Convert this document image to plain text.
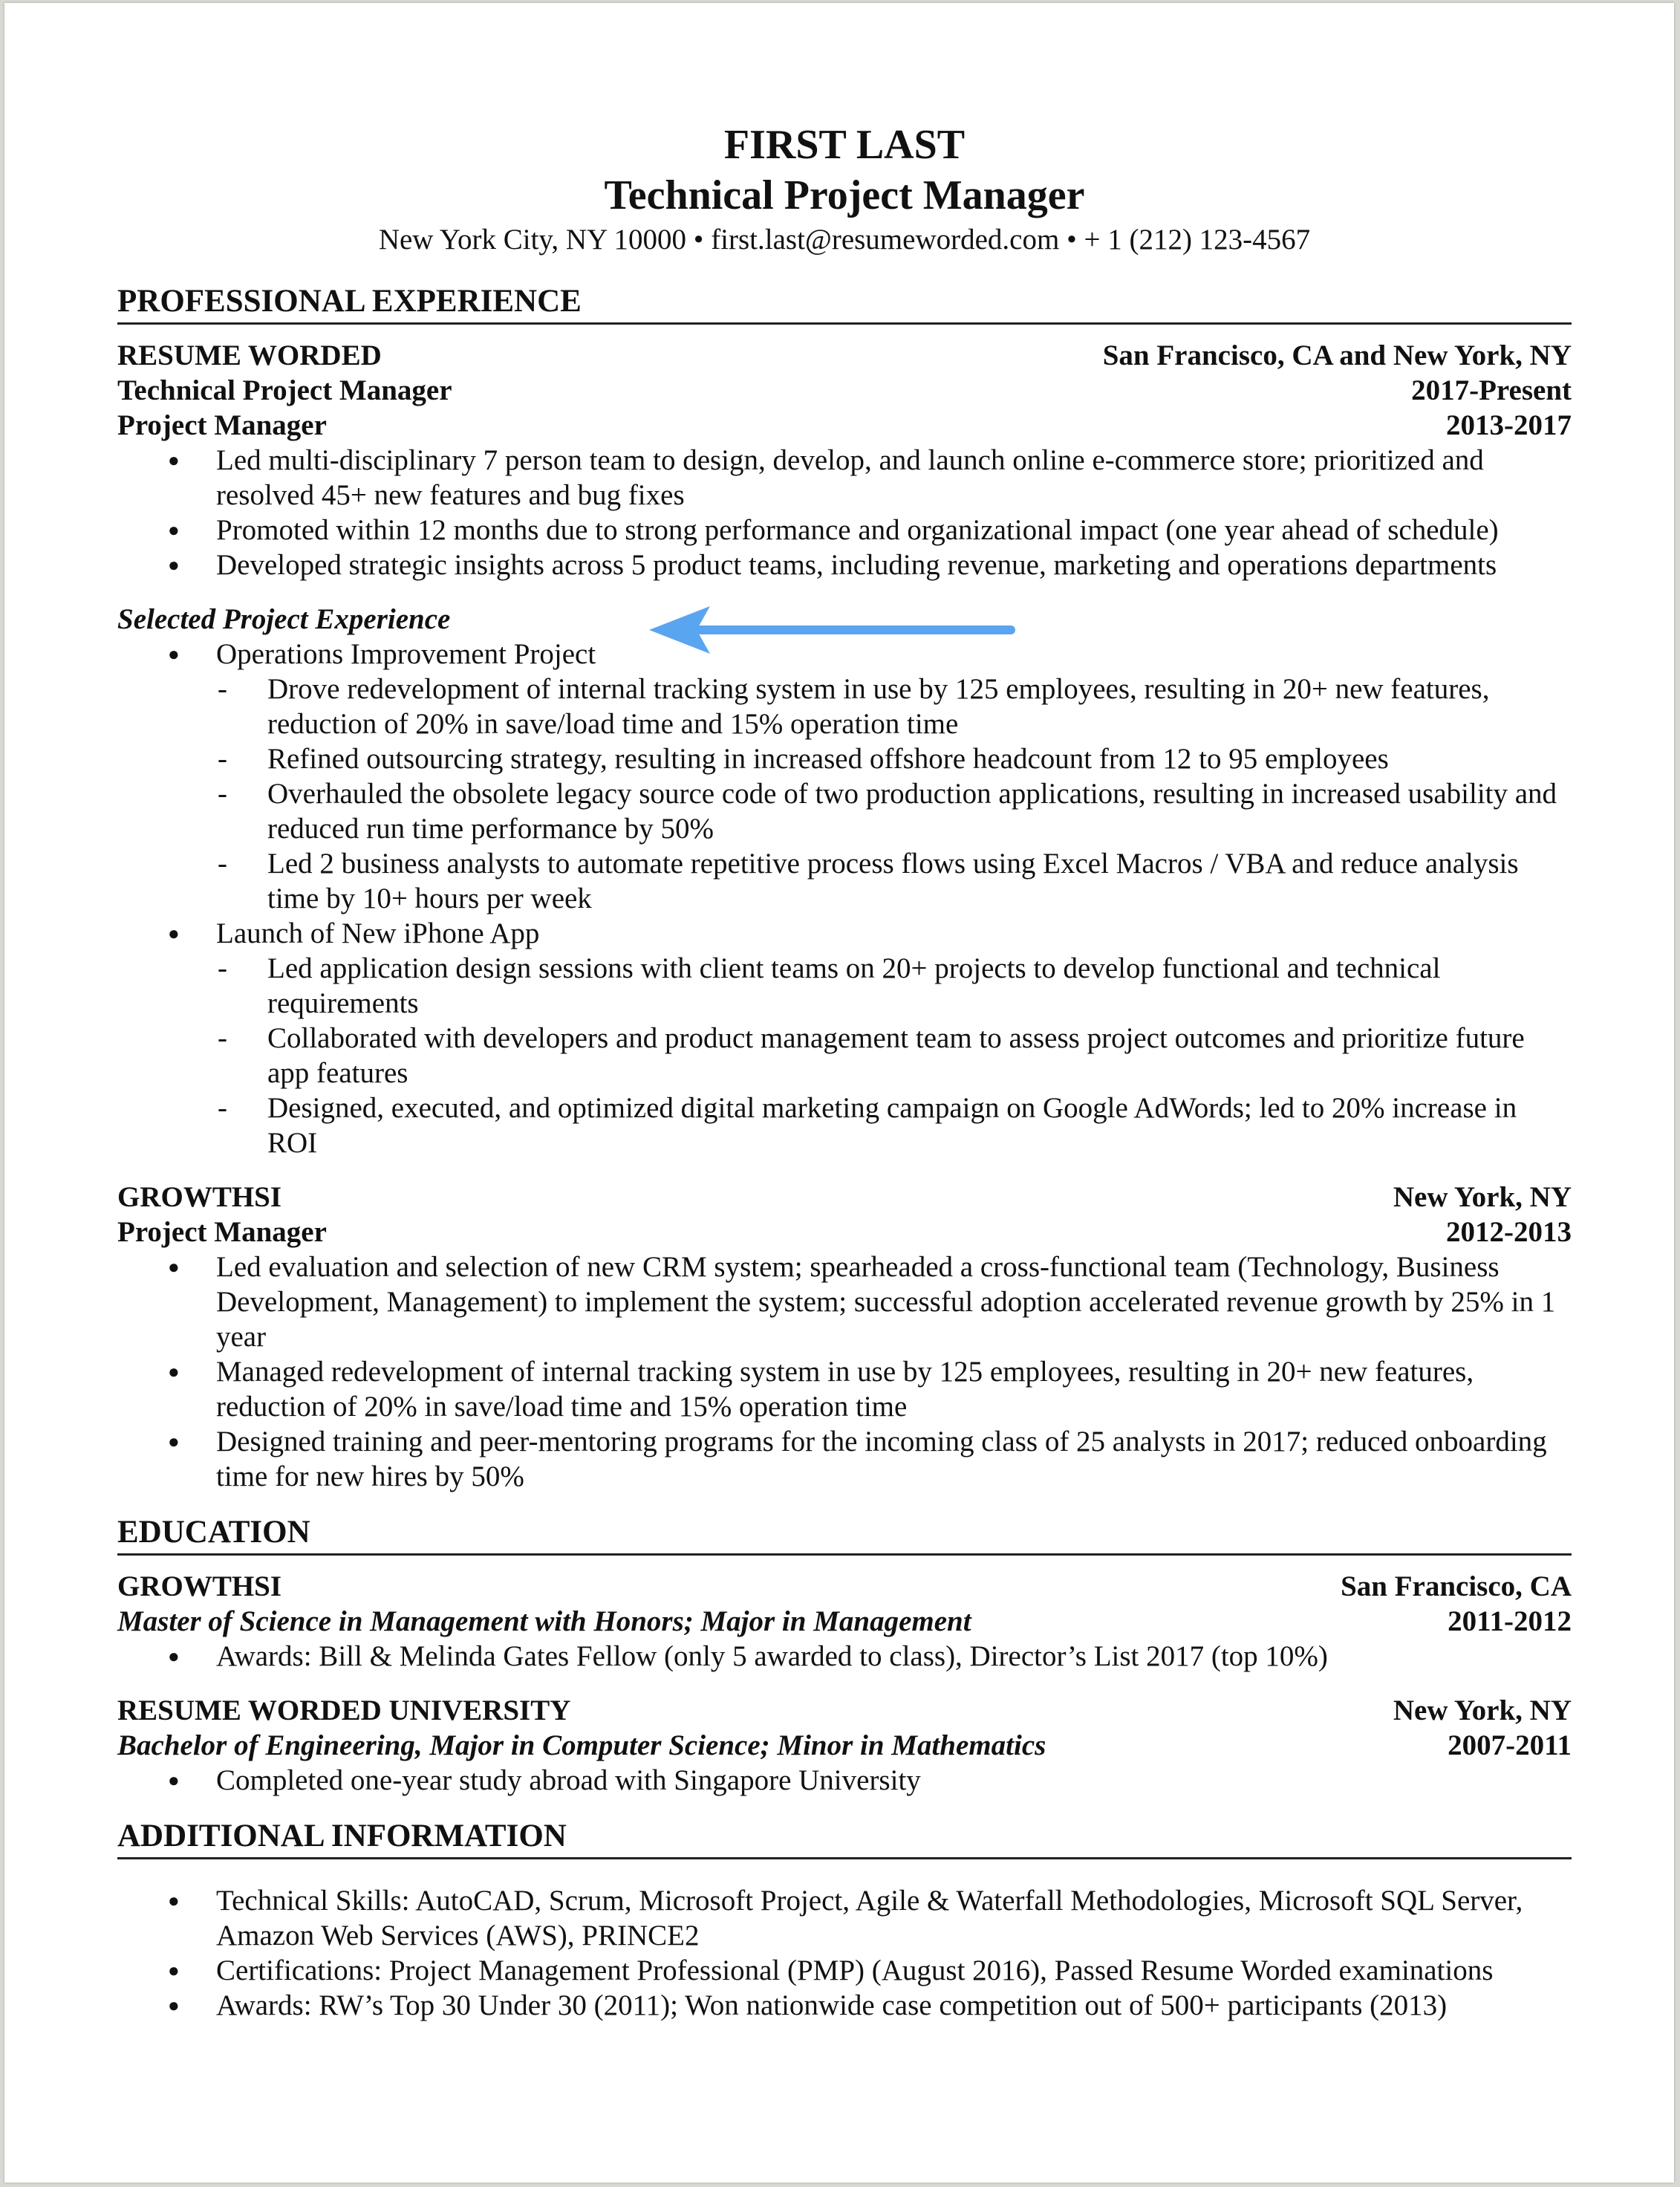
FIRST LAST
Technical Project Manager
New York City, NY 10000 • first.last@resumeworded.com • + 1 (212) 123-4567
PROFESSIONAL EXPERIENCE
RESUME WORDED	San Francisco, CA and New York, NY
Technical Project Manager	2017-Present
Project Manager	2013-2017
● Led multi-disciplinary 7 person team to design, develop, and launch online e-commerce store; prioritized and resolved 45+ new features and bug fixes
● Promoted within 12 months due to strong performance and organizational impact (one year ahead of schedule)
● Developed strategic insights across 5 product teams, including revenue, marketing and operations departments
Selected Project Experience
● Operations Improvement Project
- Drove redevelopment of internal tracking system in use by 125 employees, resulting in 20+ new features, reduction of 20% in save/load time and 15% operation time
- Refined outsourcing strategy, resulting in increased offshore headcount from 12 to 95 employees
- Overhauled the obsolete legacy source code of two production applications, resulting in increased usability and reduced run time performance by 50%
- Led 2 business analysts to automate repetitive process flows using Excel Macros / VBA and reduce analysis time by 10+ hours per week
● Launch of New iPhone App
- Led application design sessions with client teams on 20+ projects to develop functional and technical requirements
- Collaborated with developers and product management team to assess project outcomes and prioritize future app features
- Designed, executed, and optimized digital marketing campaign on Google AdWords; led to 20% increase in ROI
GROWTHSI	New York, NY
Project Manager	2012-2013
● Led evaluation and selection of new CRM system; spearheaded a cross-functional team (Technology, Business Development, Management) to implement the system; successful adoption accelerated revenue growth by 25% in 1 year
● Managed redevelopment of internal tracking system in use by 125 employees, resulting in 20+ new features, reduction of 20% in save/load time and 15% operation time
● Designed training and peer-mentoring programs for the incoming class of 25 analysts in 2017; reduced onboarding time for new hires by 50%
EDUCATION
GROWTHSI	San Francisco, CA
Master of Science in Management with Honors; Major in Management	2011-2012
● Awards: Bill & Melinda Gates Fellow (only 5 awarded to class), Director’s List 2017 (top 10%)
RESUME WORDED UNIVERSITY	New York, NY
Bachelor of Engineering, Major in Computer Science; Minor in Mathematics	2007-2011
● Completed one-year study abroad with Singapore University
ADDITIONAL INFORMATION
● Technical Skills: AutoCAD, Scrum, Microsoft Project, Agile & Waterfall Methodologies, Microsoft SQL Server, Amazon Web Services (AWS), PRINCE2
● Certifications: Project Management Professional (PMP) (August 2016), Passed Resume Worded examinations
● Awards: RW’s Top 30 Under 30 (2011); Won nationwide case competition out of 500+ participants (2013)
